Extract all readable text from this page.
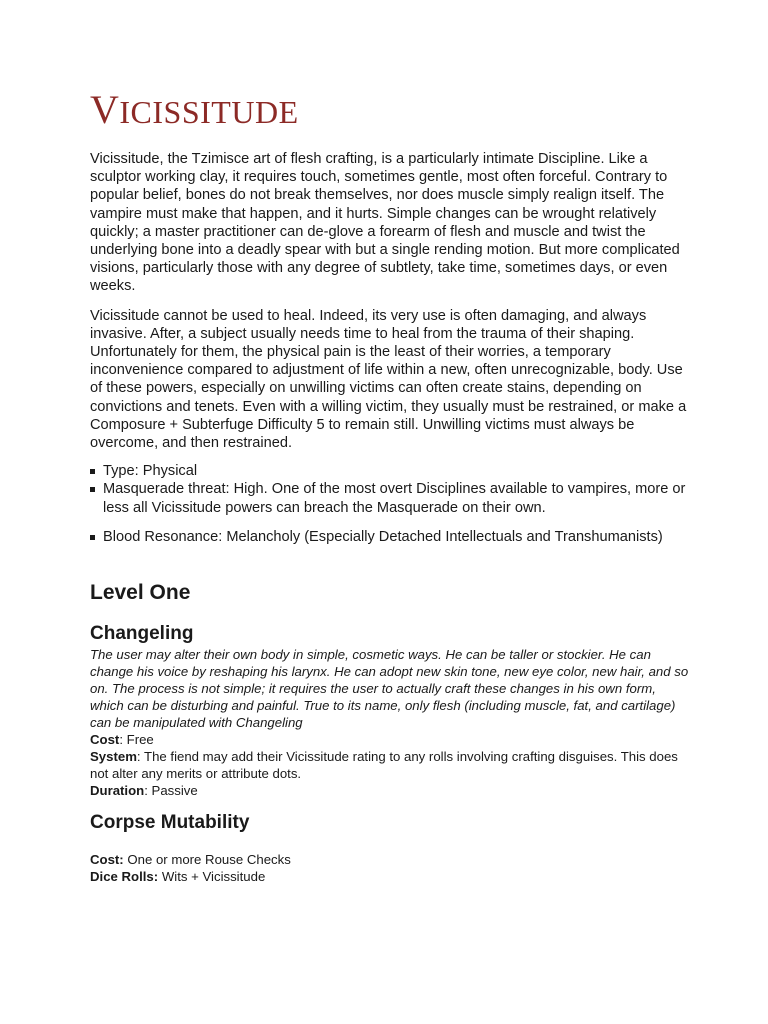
VICISSITUDE

Vicissitude, the Tzimisce art of flesh crafting, is a particularly intimate Discipline. Like a sculptor working clay, it requires touch, sometimes gentle, most often forceful. Contrary to popular belief, bones do not break themselves, nor does muscle simply realign itself. The vampire must make that happen, and it hurts. Simple changes can be wrought relatively quickly; a master practitioner can de-glove a forearm of flesh and muscle and twist the underlying bone into a deadly spear with but a single rending motion. But more complicated visions, particularly those with any degree of subtlety, take time, sometimes days, or even weeks.

Vicissitude cannot be used to heal. Indeed, its very use is often damaging, and always invasive. After, a subject usually needs time to heal from the trauma of their shaping. Unfortunately for them, the physical pain is the least of their worries, a temporary inconvenience compared to adjustment of life within a new, often unrecognizable, body. Use of these powers, especially on unwilling victims can often create stains, depending on convictions and tenets. Even with a willing victim, they usually must be restrained, or make a Composure + Subterfuge Difficulty 5 to remain still. Unwilling victims must always be overcome, and then restrained.

Type: Physical
Masquerade threat: High. One of the most overt Disciplines available to vampires, more or less all Vicissitude powers can breach the Masquerade on their own.
Blood Resonance: Melancholy (Especially Detached Intellectuals and Transhumanists)
Level One
Changeling

The user may alter their own body in simple, cosmetic ways. He can be taller or stockier. He can change his voice by reshaping his larynx. He can adopt new skin tone, new eye color, new hair, and so on. The process is not simple; it requires the user to actually craft these changes in his own form, which can be disturbing and painful. True to its name, only flesh (including muscle, fat, and cartilage) can be manipulated with Changeling

Cost: Free

System: The fiend may add their Vicissitude rating to any rolls involving crafting disguises. This does not alter any merits or attribute dots.

Duration: Passive

Corpse Mutability

Cost: One or more Rouse Checks

Dice Rolls: Wits + Vicissitude
